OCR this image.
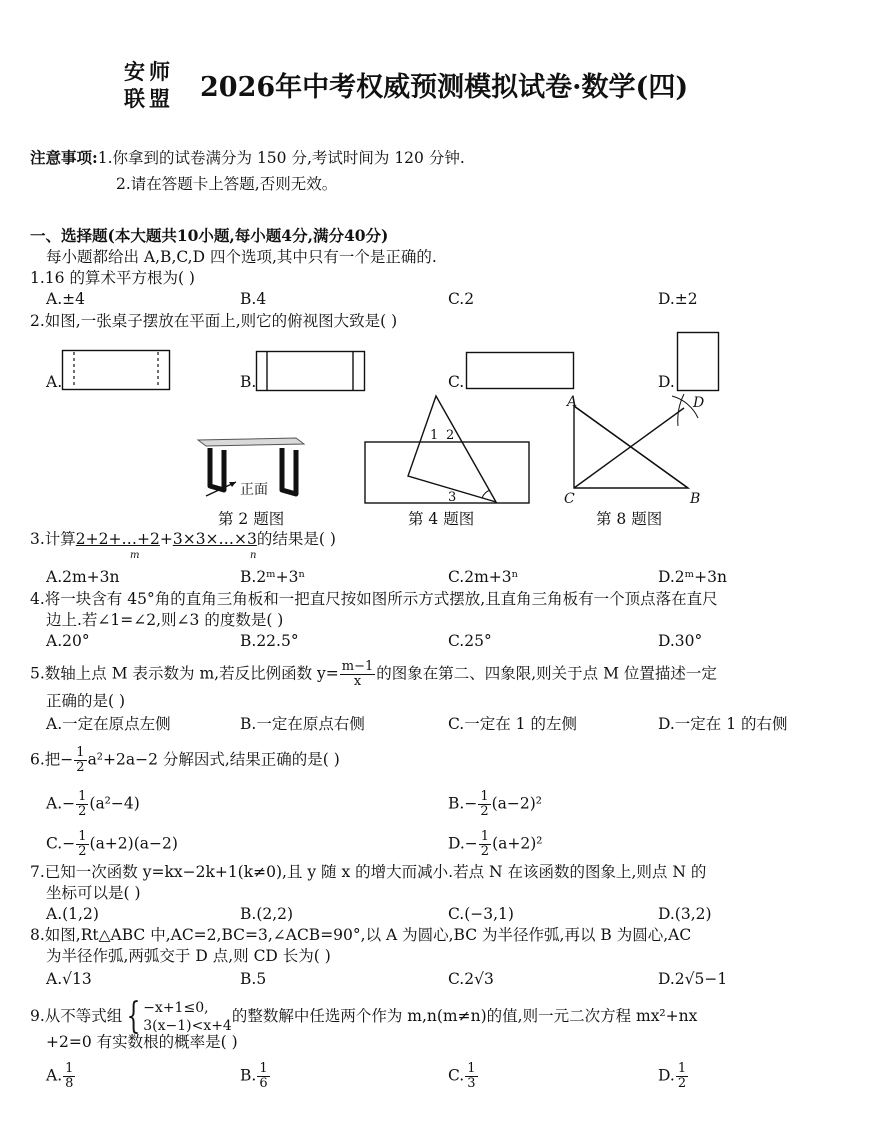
安师
联盟 2026年中考权威预测模拟试卷·数学(四)
注意事项:1.你拿到的试卷满分为 150 分,考试时间为 120 分钟.
2.请在答题卡上答题,否则无效。
一、选择题(本大题共10小题,每小题4分,满分40分)
每小题都给出 A,B,C,D 四个选项,其中只有一个是正确的.
1.16 的算术平方根为( )
A.±4	B.4	C.2	D.±2
2.如图,一张桌子摆放在平面上,则它的俯视图大致是( )
A.	B.	C.	D.
正面
第 2 题图
1 2
3
第 4 题图
A	D
C	B
第 8 题图
3.计算2+2+…+2+3×3×…×3的结果是( )
m	n
A.2m+3n	B.2ᵐ+3ⁿ	C.2m+3ⁿ	D.2ᵐ+3n
4.将一块含有 45°角的直角三角板和一把直尺按如图所示方式摆放,且直角三角板有一个顶点落在直尺
边上.若∠1=∠2,则∠3 的度数是( )
A.20°	B.22.5°	C.25°	D.30°
5.数轴上点 M 表示数为 m,若反比例函数 $y= \frac{m-1}{x}$ 的图象在第二、四象限,则关于点 M 位置描述一定
正确的是( )
A.一定在原点左侧	B.一定在原点右侧	C.一定在 1 的左侧	D.一定在 1 的右侧
6.把− $\frac{1}{2} a^2+2a-2$ 分解因式,结果正确的是( )
$A.- \frac{1}{2} (a^2-4)$	$B.- \frac{1}{2} (a-2)^2$
$C.- \frac{1}{2} (a+2)(a-2)$	$D.- \frac{1}{2} (a+2)^2$
7.已知一次函数 y=kx−2k+1(k≠0),且 y 随 x 的增大而减小.若点 N 在该函数的图象上,则点 N 的
坐标可以是( )
A.(1,2)	B.(2,2)	C.(−3,1)	D.(3,2)
8.如图,Rt△ABC 中,AC=2,BC=3,∠ACB=90°,以 A 为圆心,BC 为半径作弧,再以 B 为圆心,AC
为半径作弧,两弧交于 D 点,则 CD 长为( )
A.√13	B.5	C.2√3	D.2√5−1
9.从不等式组 { −x+1≤0,
3(x−1)<x+4
的整数解中任选两个作为 m,n(m≠n)的值,则一元二次方程 mx²+nx
+2=0 有实数根的概率是( )
A. $\frac{1}{8}$	B. $\frac{1}{6}$	C. $\frac{1}{3}$	D. $\frac{1}{2}$
